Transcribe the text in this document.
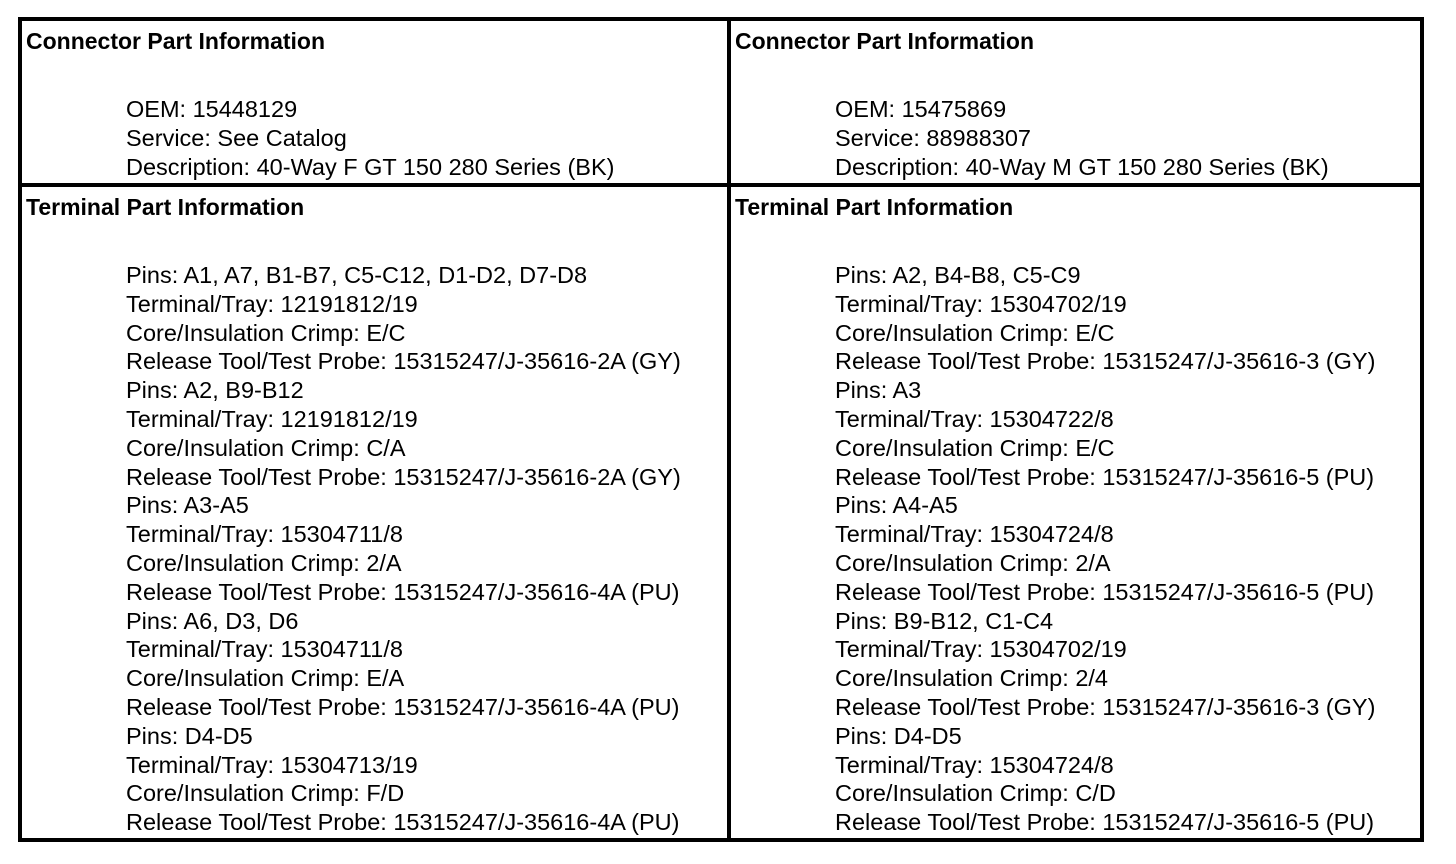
Connector Part Information
OEM: 15448129
Service: See Catalog
Description: 40-Way F GT 150 280 Series (BK)
Connector Part Information
OEM: 15475869
Service: 88988307
Description: 40-Way M GT 150 280 Series (BK)
Terminal Part Information
Pins: A1, A7, B1-B7, C5-C12, D1-D2, D7-D8
Terminal/Tray: 12191812/19
Core/Insulation Crimp: E/C
Release Tool/Test Probe: 15315247/J-35616-2A (GY)
Pins: A2, B9-B12
Terminal/Tray: 12191812/19
Core/Insulation Crimp: C/A
Release Tool/Test Probe: 15315247/J-35616-2A (GY)
Pins: A3-A5
Terminal/Tray: 15304711/8
Core/Insulation Crimp: 2/A
Release Tool/Test Probe: 15315247/J-35616-4A (PU)
Pins: A6, D3, D6
Terminal/Tray: 15304711/8
Core/Insulation Crimp: E/A
Release Tool/Test Probe: 15315247/J-35616-4A (PU)
Pins: D4-D5
Terminal/Tray: 15304713/19
Core/Insulation Crimp: F/D
Release Tool/Test Probe: 15315247/J-35616-4A (PU)
Terminal Part Information
Pins: A2, B4-B8, C5-C9
Terminal/Tray: 15304702/19
Core/Insulation Crimp: E/C
Release Tool/Test Probe: 15315247/J-35616-3 (GY)
Pins: A3
Terminal/Tray: 15304722/8
Core/Insulation Crimp: E/C
Release Tool/Test Probe: 15315247/J-35616-5 (PU)
Pins: A4-A5
Terminal/Tray: 15304724/8
Core/Insulation Crimp: 2/A
Release Tool/Test Probe: 15315247/J-35616-5 (PU)
Pins: B9-B12, C1-C4
Terminal/Tray: 15304702/19
Core/Insulation Crimp: 2/4
Release Tool/Test Probe: 15315247/J-35616-3 (GY)
Pins: D4-D5
Terminal/Tray: 15304724/8
Core/Insulation Crimp: C/D
Release Tool/Test Probe: 15315247/J-35616-5 (PU)
